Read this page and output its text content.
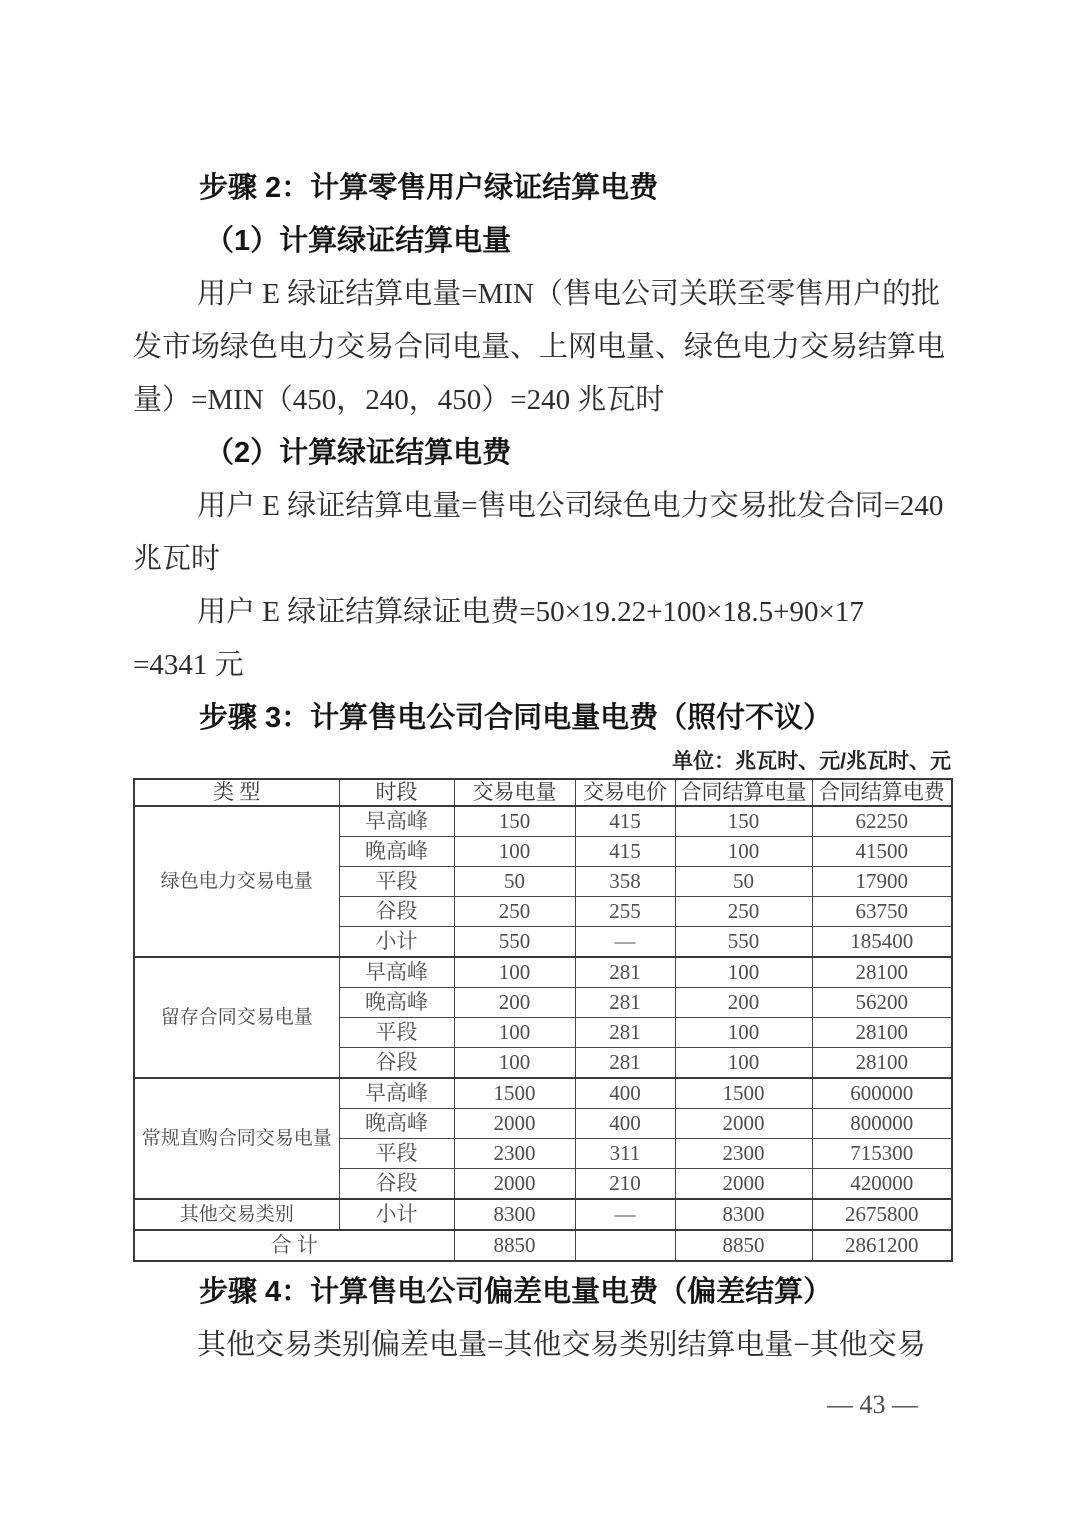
步骤 2：计算零售用户绿证结算电费
（1）计算绿证结算电量
用户 E 绿证结算电量=MIN（售电公司关联至零售用户的批
发市场绿色电力交易合同电量、上网电量、绿色电力交易结算电
量）=MIN（450，240，450）=240 兆瓦时
（2）计算绿证结算电费
用户 E 绿证结算电量=售电公司绿色电力交易批发合同=240
兆瓦时
用户 E 绿证结算绿证电费=50×19.22+100×18.5+90×17
=4341 元
步骤 3：计算售电公司合同电量电费（照付不议）
单位：兆瓦时、元/兆瓦时、元
类 型	时段	交易电量	交易电价	合同结算电量	合同结算电费
绿色电力交易电量	早高峰	150	415	150	62250
	晚高峰	100	415	100	41500
	平段	50	358	50	17900
	谷段	250	255	250	63750
	小计	550	—	550	185400
留存合同交易电量	早高峰	100	281	100	28100
	晚高峰	200	281	200	56200
	平段	100	281	100	28100
	谷段	100	281	100	28100
常规直购合同交易电量	早高峰	1500	400	1500	600000
	晚高峰	2000	400	2000	800000
	平段	2300	311	2300	715300
	谷段	2000	210	2000	420000
其他交易类别	小计	8300	—	8300	2675800
合 计		8850		8850	2861200
步骤 4：计算售电公司偏差电量电费（偏差结算）
其他交易类别偏差电量=其他交易类别结算电量−其他交易
— 43 —
